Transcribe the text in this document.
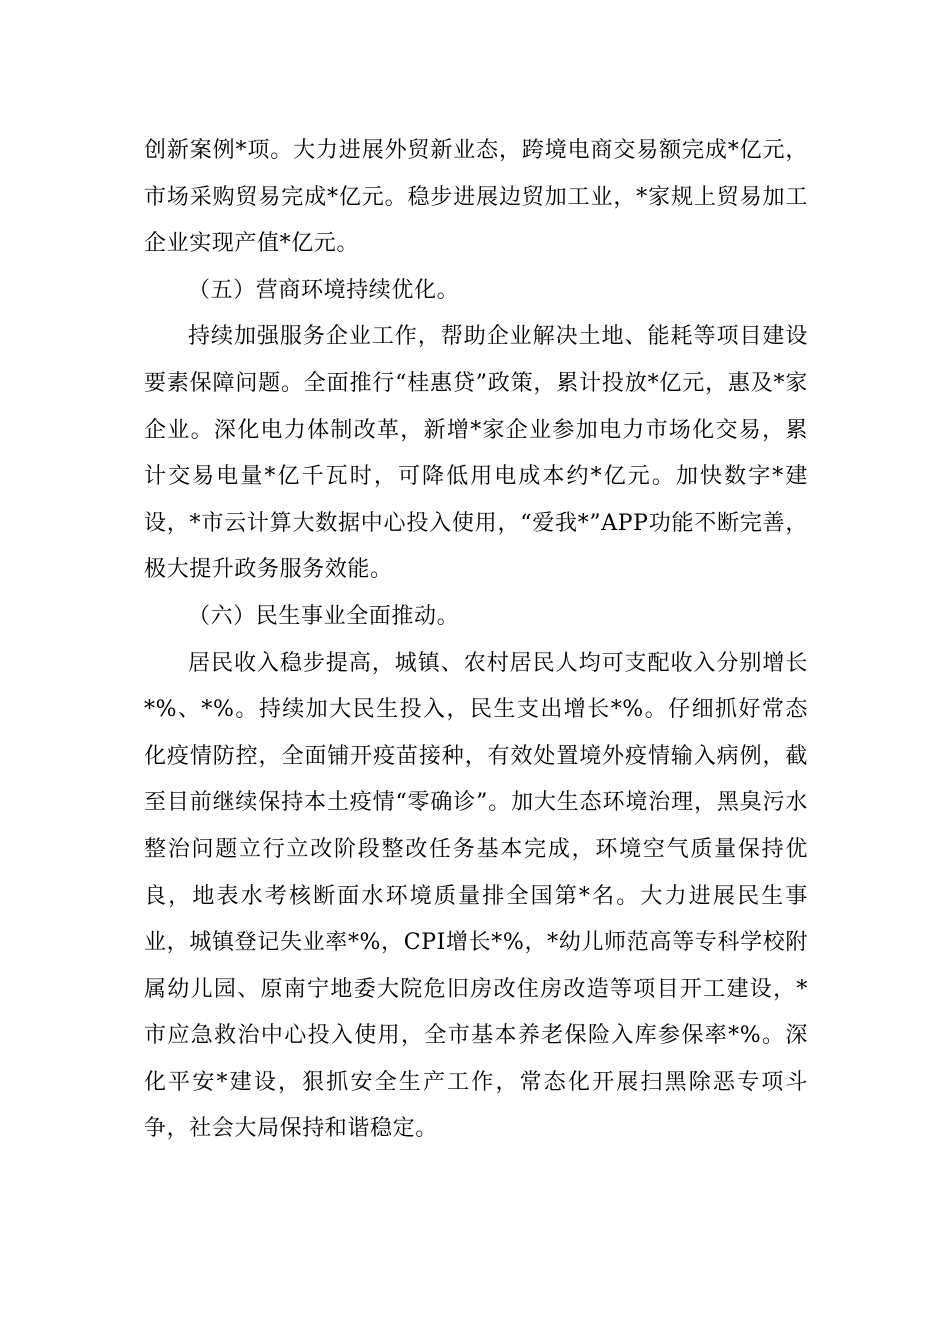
创新案例*项。大力进展外贸新业态，跨境电商交易额完成*亿元，市场采购贸易完成*亿元。稳步进展边贸加工业，*家规上贸易加工企业实现产值*亿元。

（五）营商环境持续优化。

持续加强服务企业工作，帮助企业解决土地、能耗等项目建设要素保障问题。全面推行“桂惠贷”政策，累计投放*亿元，惠及*家企业。深化电力体制改革，新增*家企业参加电力市场化交易，累计交易电量*亿千瓦时，可降低用电成本约*亿元。加快数字*建设，*市云计算大数据中心投入使用，“爱我*”APP功能不断完善，极大提升政务服务效能。

（六）民生事业全面推动。

居民收入稳步提高，城镇、农村居民人均可支配收入分别增长*%、*%。持续加大民生投入，民生支出增长*%。仔细抓好常态化疫情防控，全面铺开疫苗接种，有效处置境外疫情输入病例，截至目前继续保持本土疫情“零确诊”。加大生态环境治理，黑臭污水整治问题立行立改阶段整改任务基本完成，环境空气质量保持优良，地表水考核断面水环境质量排全国第*名。大力进展民生事业，城镇登记失业率*%，CPI增长*%，*幼儿师范高等专科学校附属幼儿园、原南宁地委大院危旧房改住房改造等项目开工建设，*市应急救治中心投入使用，全市基本养老保险入库参保率*%。深化平安*建设，狠抓安全生产工作，常态化开展扫黑除恶专项斗争，社会大局保持和谐稳定。
